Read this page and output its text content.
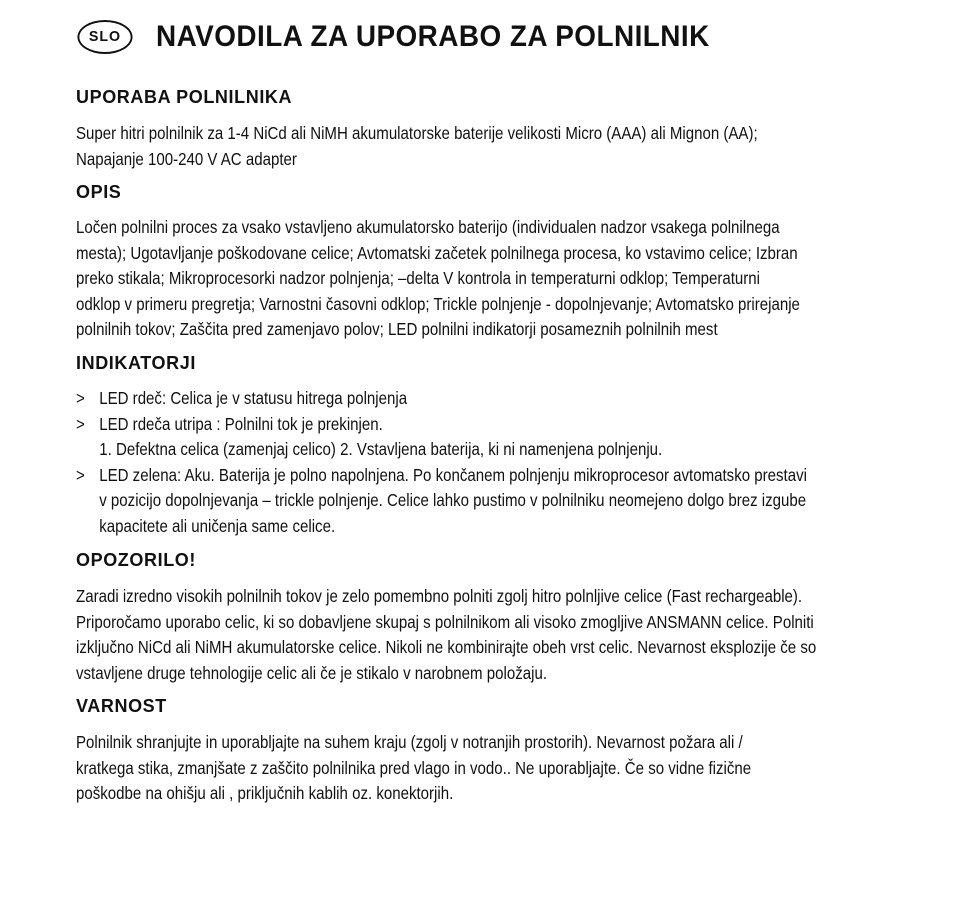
SLO	NAVODILA ZA UPORABO ZA POLNILNIK
UPORABA POLNILNIKA

Super hitri polnilnik za 1-4 NiCd ali NiMH akumulatorske baterije velikosti Micro (AAA) ali Mignon (AA);
Napajanje 100-240 V AC adapter

OPIS

Ločen polnilni proces za vsako vstavljeno akumulatorsko baterijo (individualen nadzor vsakega polnilnega
mesta); Ugotavljanje poškodovane celice; Avtomatski začetek polnilnega procesa, ko vstavimo celice; Izbran
preko stikala; Mikroprocesorki nadzor polnjenja; –delta V kontrola in temperaturni odklop; Temperaturni
odklop v primeru pregretja; Varnostni časovni odklop; Trickle polnjenje - dopolnjevanje; Avtomatsko prirejanje
polnilnih tokov; Zaščita pred zamenjavo polov; LED polnilni indikatorji posameznih polnilnih mest

INDIKATORJI
> LED rdeč: Celica je v statusu hitrega polnjenja
> LED rdeča utripa : Polnilni tok je prekinjen.
1. Defektna celica (zamenjaj celico) 2. Vstavljena baterija, ki ni namenjena polnjenju.
> LED zelena: Aku. Baterija je polno napolnjena. Po končanem polnjenju mikroprocesor avtomatsko prestavi
v pozicijo dopolnjevanja – trickle polnjenje. Celice lahko pustimo v polnilniku neomejeno dolgo brez izgube
kapacitete ali uničenja same celice.
OPOZORILO!

Zaradi izredno visokih polnilnih tokov je zelo pomembno polniti zgolj hitro polnljive celice (Fast rechargeable).
Priporočamo uporabo celic, ki so dobavljene skupaj s polnilnikom ali visoko zmogljive ANSMANN celice. Polniti
izključno NiCd ali NiMH akumulatorske celice. Nikoli ne kombinirajte obeh vrst celic. Nevarnost eksplozije če so
vstavljene druge tehnologije celic ali če je stikalo v narobnem položaju.

VARNOST

Polnilnik shranjujte in uporabljajte na suhem kraju (zgolj v notranjih prostorih). Nevarnost požara ali /
kratkega stika, zmanjšate z zaščito polnilnika pred vlago in vodo.. Ne uporabljajte. Če so vidne fizične
poškodbe na ohišju ali , priključnih kablih oz. konektorjih.
